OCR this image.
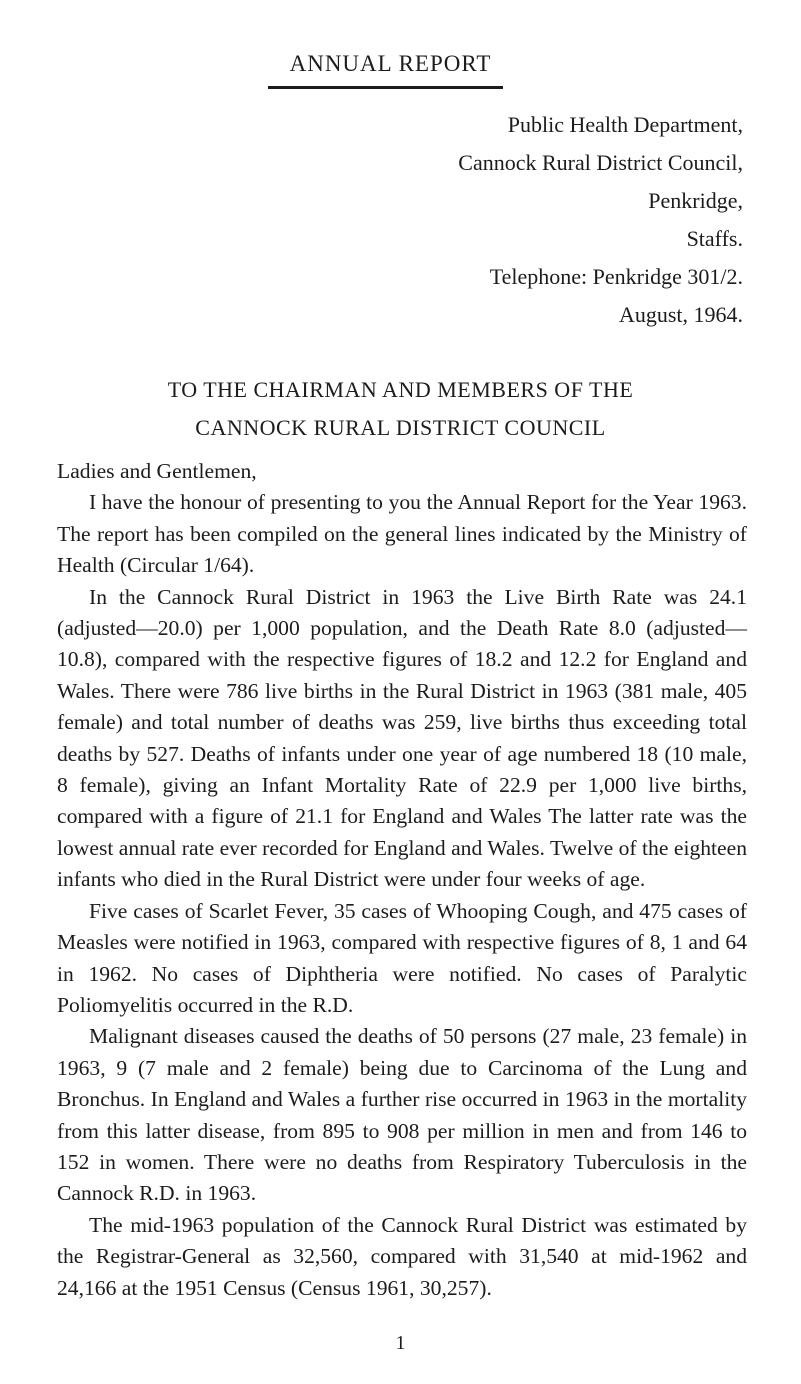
ANNUAL REPORT
Public Health Department,
Cannock Rural District Council,
Penkridge,
Staffs.
Telephone: Penkridge 301/2.
August, 1964.
TO THE CHAIRMAN AND MEMBERS OF THE
CANNOCK RURAL DISTRICT COUNCIL

Ladies and Gentlemen,

I have the honour of presenting to you the Annual Report for the Year 1963. The report has been compiled on the general lines indicated by the Ministry of Health (Circular 1/64).

In the Cannock Rural District in 1963 the Live Birth Rate was 24.1 (adjusted—20.0) per 1,000 population, and the Death Rate 8.0 (adjusted—10.8), compared with the respective figures of 18.2 and 12.2 for England and Wales. There were 786 live births in the Rural District in 1963 (381 male, 405 female) and total number of deaths was 259, live births thus exceeding total deaths by 527. Deaths of infants under one year of age numbered 18 (10 male, 8 female), giving an Infant Mortality Rate of 22.9 per 1,000 live births, compared with a figure of 21.1 for England and Wales The latter rate was the lowest annual rate ever recorded for England and Wales. Twelve of the eighteen infants who died in the Rural District were under four weeks of age.

Five cases of Scarlet Fever, 35 cases of Whooping Cough, and 475 cases of Measles were notified in 1963, compared with respective figures of 8, 1 and 64 in 1962. No cases of Diphtheria were notified. No cases of Paralytic Poliomyelitis occurred in the R.D.

Malignant diseases caused the deaths of 50 persons (27 male, 23 female) in 1963, 9 (7 male and 2 female) being due to Carcinoma of the Lung and Bronchus. In England and Wales a further rise occurred in 1963 in the mortality from this latter disease, from 895 to 908 per million in men and from 146 to 152 in women. There were no deaths from Respiratory Tuberculosis in the Cannock R.D. in 1963.

The mid-1963 population of the Cannock Rural District was estimated by the Registrar-General as 32,560, compared with 31,540 at mid-1962 and 24,166 at the 1951 Census (Census 1961, 30,257).

1
